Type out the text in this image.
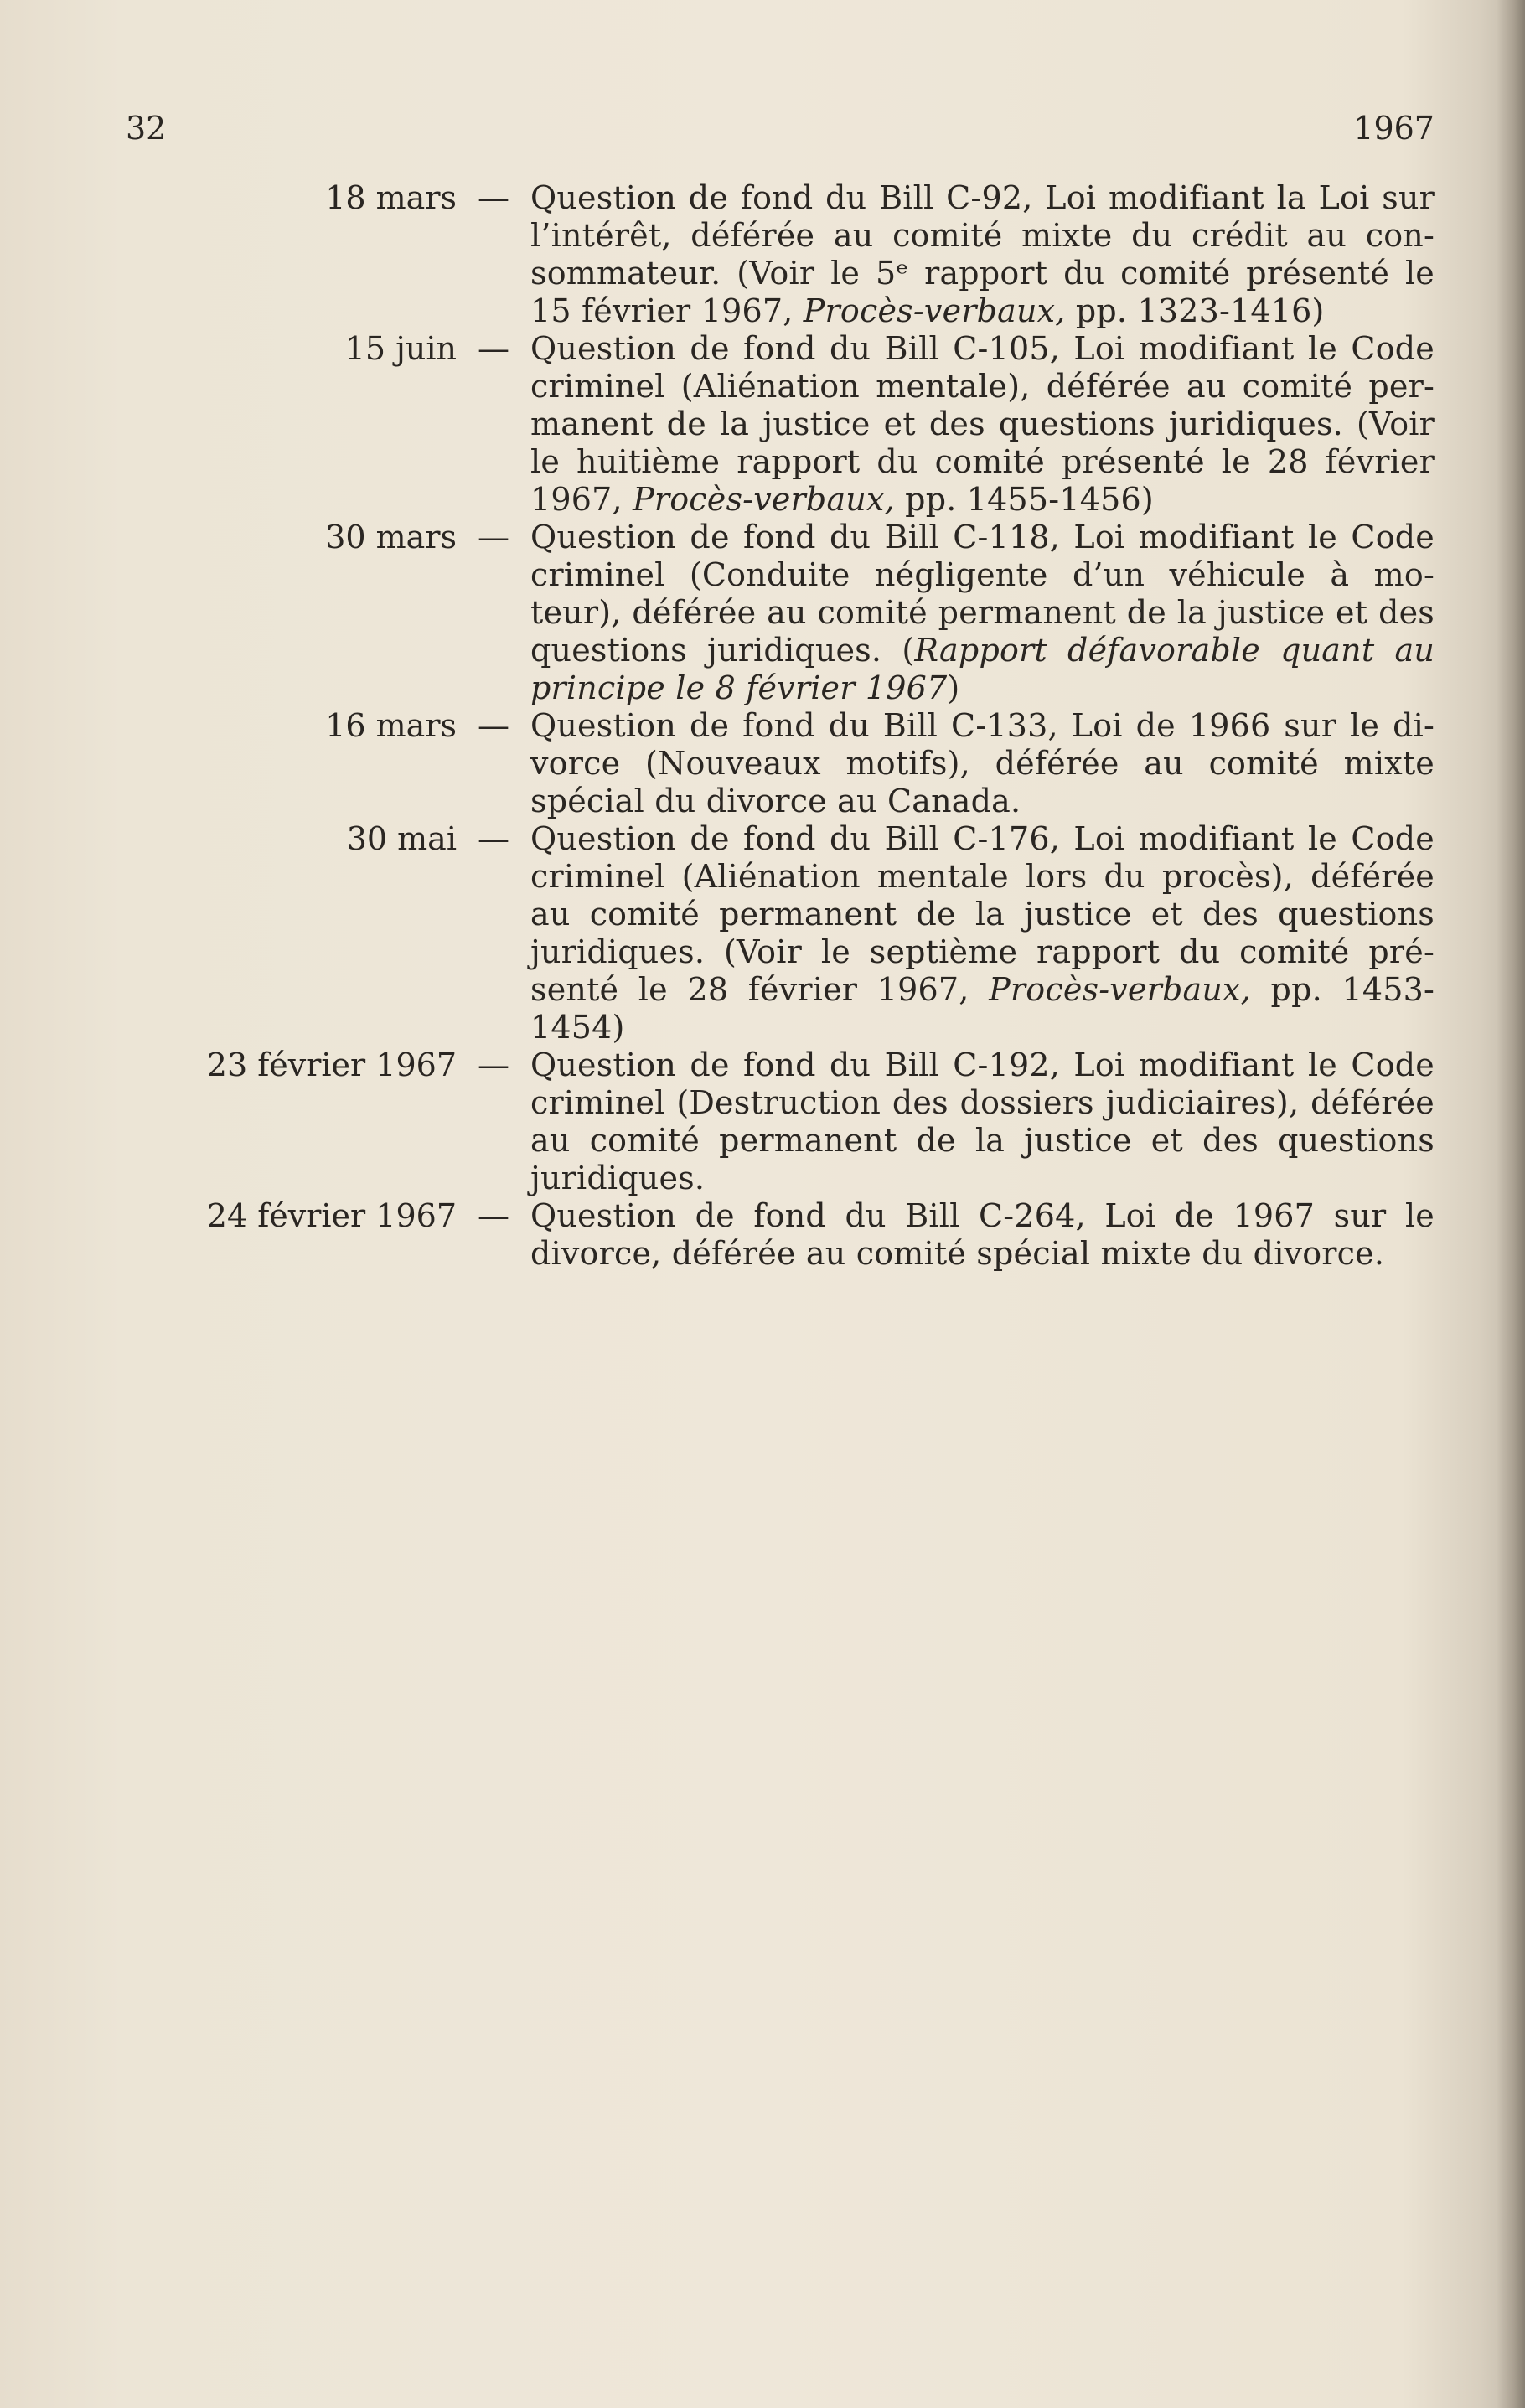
32	1967
18 mars — Question de fond du Bill C-92, Loi modifiant la Loi sur
l’intérêt, déférée au comité mixte du crédit au con-
sommateur. (Voir le 5ᵉ rapport du comité présenté le
15 février 1967, Procès-verbaux, pp. 1323-1416)
15 juin — Question de fond du Bill C-105, Loi modifiant le Code
criminel (Aliénation mentale), déférée au comité per-
manent de la justice et des questions juridiques. (Voir
le huitième rapport du comité présenté le 28 février
1967, Procès-verbaux, pp. 1455-1456)
30 mars — Question de fond du Bill C-118, Loi modifiant le Code
criminel (Conduite négligente d’un véhicule à mo-
teur), déférée au comité permanent de la justice et des
questions juridiques. (Rapport défavorable quant au
principe le 8 février 1967)
16 mars — Question de fond du Bill C-133, Loi de 1966 sur le di-
vorce (Nouveaux motifs), déférée au comité mixte
spécial du divorce au Canada.
30 mai — Question de fond du Bill C-176, Loi modifiant le Code
criminel (Aliénation mentale lors du procès), déférée
au comité permanent de la justice et des questions
juridiques. (Voir le septième rapport du comité pré-
senté le 28 février 1967, Procès-verbaux, pp. 1453-
1454)
23 février 1967 — Question de fond du Bill C-192, Loi modifiant le Code
criminel (Destruction des dossiers judiciaires), déférée
au comité permanent de la justice et des questions
juridiques.
24 février 1967 — Question de fond du Bill C-264, Loi de 1967 sur le
divorce, déférée au comité spécial mixte du divorce.
